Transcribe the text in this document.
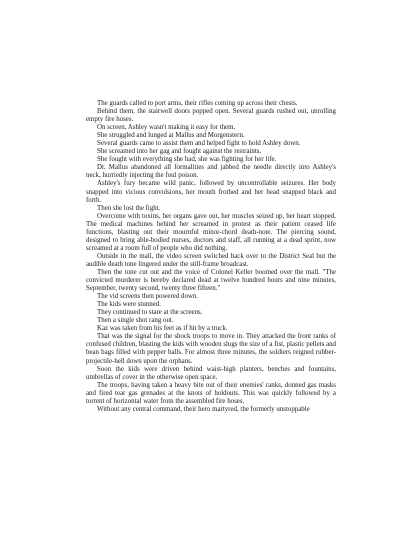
The guards called to port arms, their rifles coming up across their chests.

Behind them, the stairwell doors popped open. Several guards rushed out, unrolling empty fire hoses.

On screen, Ashley wasn't making it easy for them.

She struggled and lunged at Mallus and Morgenstern.

Several guards came to assist them and helped fight to hold Ashley down.

She screamed into her gag and fought against the restraints.

She fought with everything she had, she was fighting for her life.

Dr. Mallus abandoned all formalities and jabbed the needle directly into Ashley's neck, hurriedly injecting the foul poison.

Ashley's fury became wild panic, followed by uncontrollable seizures. Her body snapped into vicious convulsions, her mouth frothed and her head snapped black and forth.

Then she lost the fight.

Overcome with toxins, her organs gave out, her muscles seized up, her heart stopped. The medical machines behind her screamed in protest as their patient ceased life functions, blasting out their mournful minor-chord death-note. The piercing sound, designed to bring able-bodied nurses, doctors and staff, all running at a dead sprint, now screamed at a room full of people who did nothing.

Outside in the mall, the video screen switched back over to the District Seal but the audible death tone lingered under the still-frame broadcast.

Then the tone cut out and the voice of Colonel Keller boomed over the mall. "The convicted murderer is hereby declared dead at twelve hundred hours and nine minutes, September, twenty second, twenty three fifteen."

The vid screens then powered down.

The kids were stunned.

They continued to stare at the screens.

Then a single shot rang out.

Kaz was taken from his feet as if hit by a truck.

That was the signal for the shock troops to move in. They attacked the front ranks of confused children, blasting the kids with wooden slugs the size of a fist, plastic pellets and bean bags filled with pepper balls. For almost three minutes, the soldiers reigned rubber-projectile-hell down upon the orphans.

Soon the kids were driven behind waist-high planters, benches and fountains, umbrellas of cover in the otherwise open space.

The troops, having taken a heavy bite out of their enemies' ranks, donned gas masks and fired tear gas grenades at the knots of holdouts. This was quickly followed by a torrent of horizontal water from the assembled fire hoses.

Without any central command, their hero martyred, the formerly unstoppable
